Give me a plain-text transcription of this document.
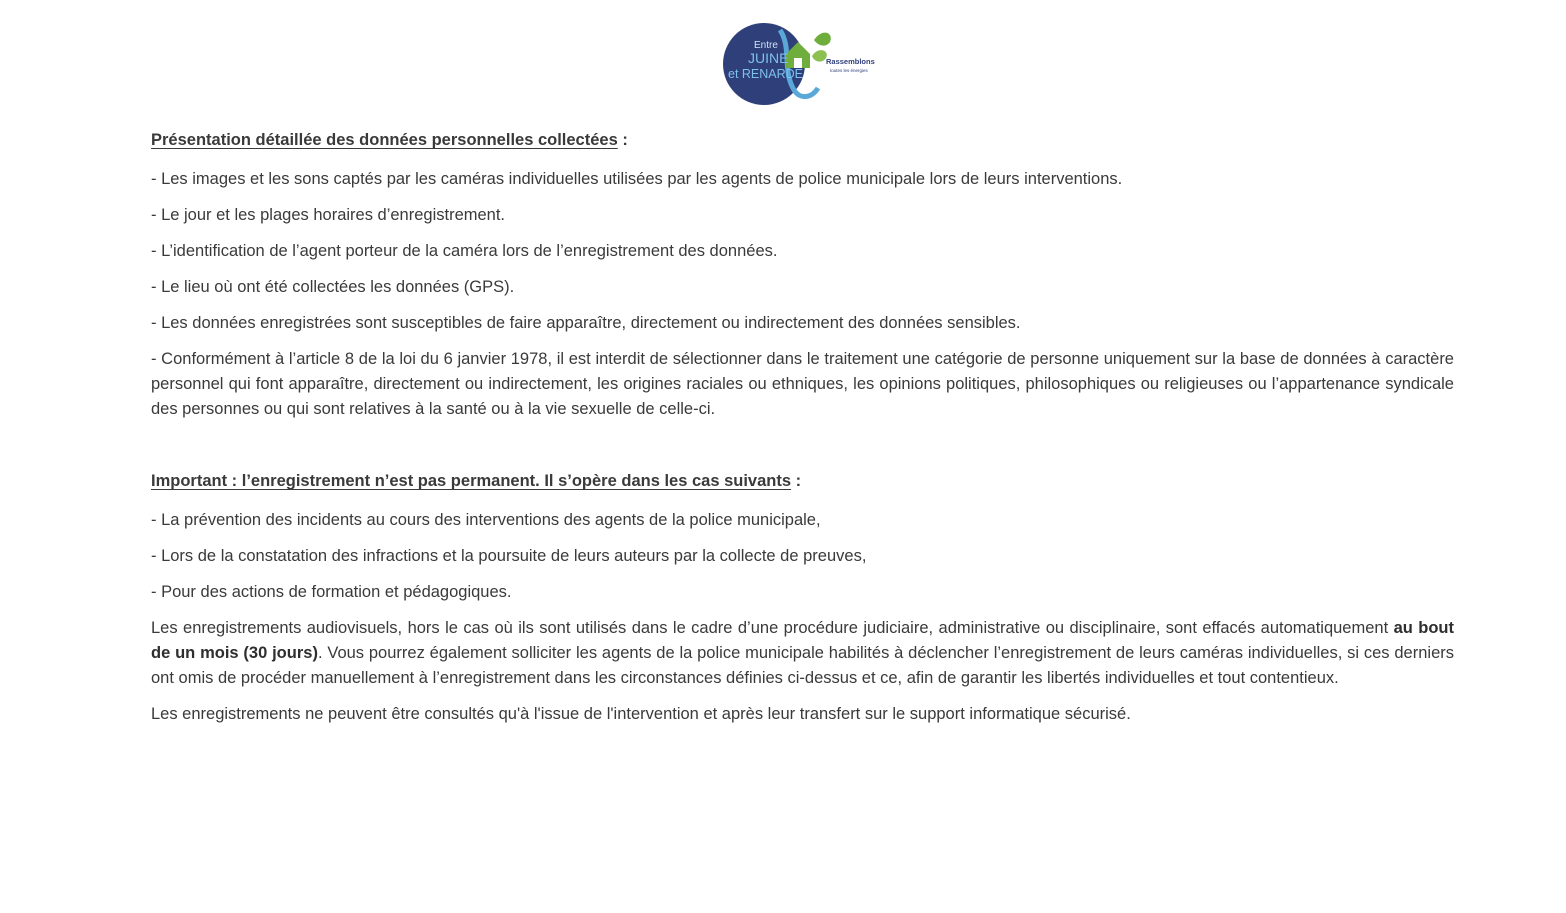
Entre
JUINE
et RENARDE
Rassemblons
toutes les énergies

Présentation détaillée des données personnelles collectées :

- Les images et les sons captés par les caméras individuelles utilisées par les agents de police municipale lors de leurs interventions.
- Le jour et les plages horaires d’enregistrement.
- L’identification de l’agent porteur de la caméra lors de l’enregistrement des données.
- Le lieu où ont été collectées les données (GPS).
- Les données enregistrées sont susceptibles de faire apparaître, directement ou indirectement des données sensibles.
- Conformément à l’article 8 de la loi du 6 janvier 1978, il est interdit de sélectionner dans le traitement une catégorie de personne uniquement sur la base de données à caractère personnel qui font apparaître, directement ou indirectement, les origines raciales ou ethniques, les opinions politiques, philosophiques ou religieuses ou l’appartenance syndicale des personnes ou qui sont relatives à la santé ou à la vie sexuelle de celle-ci.

Important : l’enregistrement n’est pas permanent. Il s’opère dans les cas suivants :

- La prévention des incidents au cours des interventions des agents de la police municipale,
- Lors de la constatation des infractions et la poursuite de leurs auteurs par la collecte de preuves,
- Pour des actions de formation et pédagogiques.

Les enregistrements audiovisuels, hors le cas où ils sont utilisés dans le cadre d’une procédure judiciaire, administrative ou disciplinaire, sont effacés automatiquement au bout de un mois (30 jours). Vous pourrez également solliciter les agents de la police municipale habilités à déclencher l’enregistrement de leurs caméras individuelles, si ces derniers ont omis de procéder manuellement à l’enregistrement dans les circonstances définies ci-dessus et ce, afin de garantir les libertés individuelles et tout contentieux.

Les enregistrements ne peuvent être consultés qu'à l'issue de l'intervention et après leur transfert sur le support informatique sécurisé.
